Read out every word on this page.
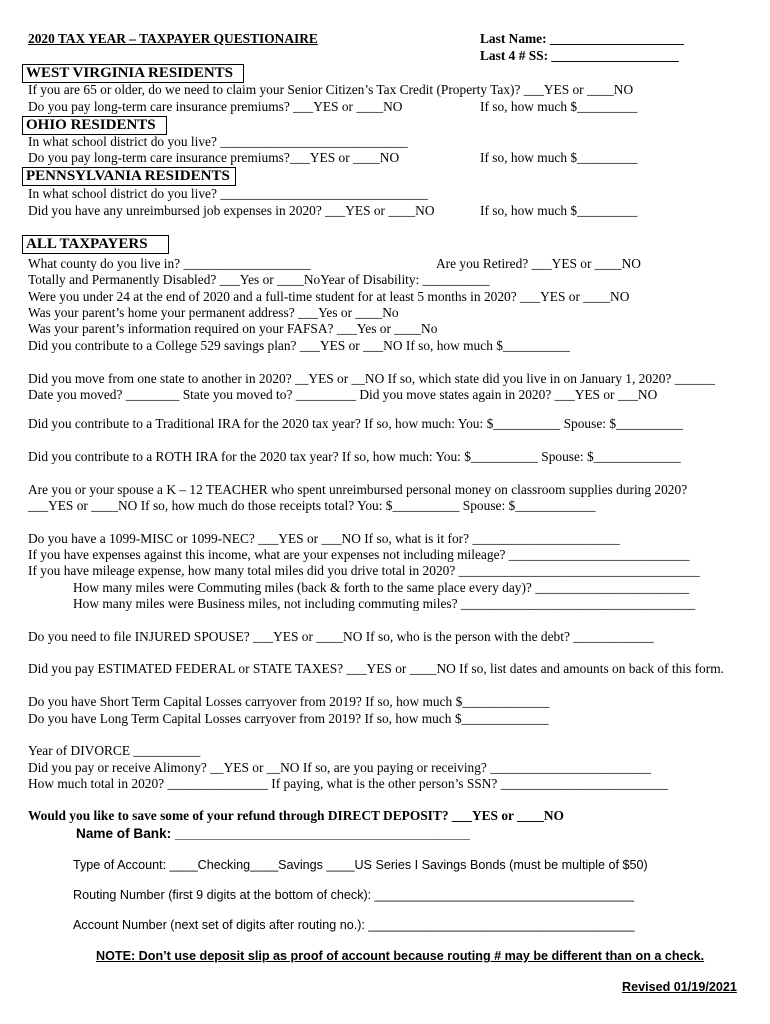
2020 TAX YEAR – TAXPAYER QUESTIONAIRE	Last Name: ____________________
Last 4 # SS: ___________________
WEST VIRGINIA RESIDENTS
If you are 65 or older, do we need to claim your Senior Citizen’s Tax Credit (Property Tax)? ___YES or ____NO
Do you pay long-term care insurance premiums? ___YES or ____NO	If so, how much $_________
OHIO RESIDENTS
In what school district do you live? ____________________________
Do you pay long-term care insurance premiums?___YES or ____NO	If so, how much $_________
PENNSYLVANIA RESIDENTS
In what school district do you live? _______________________________
Did you have any unreimbursed job expenses in 2020? ___YES or ____NO	If so, how much $_________
ALL TAXPAYERS
What county do you live in? ___________________	Are you Retired? ___YES or ____NO
Totally and Permanently Disabled? ___Yes or ____NoYear of Disability: __________
Were you under 24 at the end of 2020 and a full-time student for at least 5 months in 2020? ___YES or ____NO
Was your parent’s home your permanent address? ___Yes or ____No
Was your parent’s information required on your FAFSA? ___Yes or ____No
Did you contribute to a College 529 savings plan? ___YES or ___NO If so, how much $__________
Did you move from one state to another in 2020? __YES or __NO If so, which state did you live in on January 1, 2020? ______
Date you moved? ________ State you moved to? _________ Did you move states again in 2020? ___YES or ___NO
Did you contribute to a Traditional IRA for the 2020 tax year? If so, how much: You: $__________ Spouse: $__________
Did you contribute to a ROTH IRA for the 2020 tax year? If so, how much: You: $__________ Spouse: $_____________
Are you or your spouse a K – 12 TEACHER who spent unreimbursed personal money on classroom supplies during 2020?
___YES or ____NO If so, how much do those receipts total? You: $__________ Spouse: $____________
Do you have a 1099-MISC or 1099-NEC? ___YES or ___NO If so, what is it for? ______________________
If you have expenses against this income, what are your expenses not including mileage? ___________________________
If you have mileage expense, how many total miles did you drive total in 2020? ____________________________________
How many miles were Commuting miles (back & forth to the same place every day)? _______________________
How many miles were Business miles, not including commuting miles? ___________________________________
Do you need to file INJURED SPOUSE? ___YES or ____NO If so, who is the person with the debt? ____________
Did you pay ESTIMATED FEDERAL or STATE TAXES? ___YES or ____NO If so, list dates and amounts on back of this form.
Do you have Short Term Capital Losses carryover from 2019? If so, how much $_____________
Do you have Long Term Capital Losses carryover from 2019? If so, how much $_____________
Year of DIVORCE __________
Did you pay or receive Alimony? __YES or __NO If so, are you paying or receiving? ________________________
How much total in 2020? _______________ If paying, what is the other person’s SSN? _________________________
Would you like to save some of your refund through DIRECT DEPOSIT? ___YES or ____NO
Name of Bank: _______________________________________
Type of Account: ____Checking____Savings ____US Series I Savings Bonds (must be multiple of $50)
Routing Number (first 9 digits at the bottom of check): _____________________________________
Account Number (next set of digits after routing no.): ______________________________________
NOTE: Don’t use deposit slip as proof of account because routing # may be different than on a check.
Revised 01/19/2021
